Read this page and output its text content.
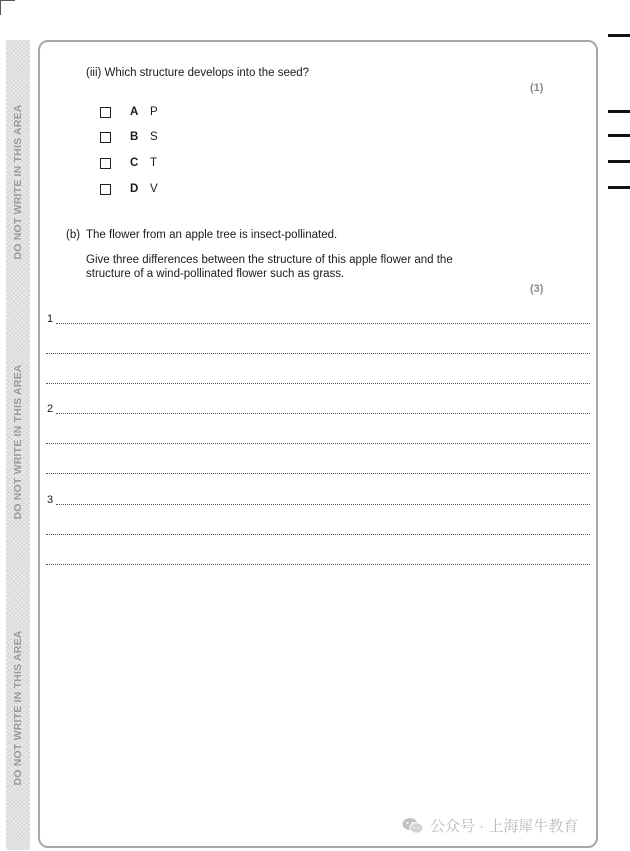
DO NOT WRITE IN THIS AREA
DO NOT WRITE IN THIS AREA
DO NOT WRITE IN THIS AREA
(iii) Which structure develops into the seed?
(1)
A	P
B	S
C	T
D	V
(b) The flower from an apple tree is insect-pollinated.
Give three differences between the structure of this apple flower and the
structure of a wind-pollinated flower such as grass.
(3)
1
2
3
公众号 · 上海犀牛教育
